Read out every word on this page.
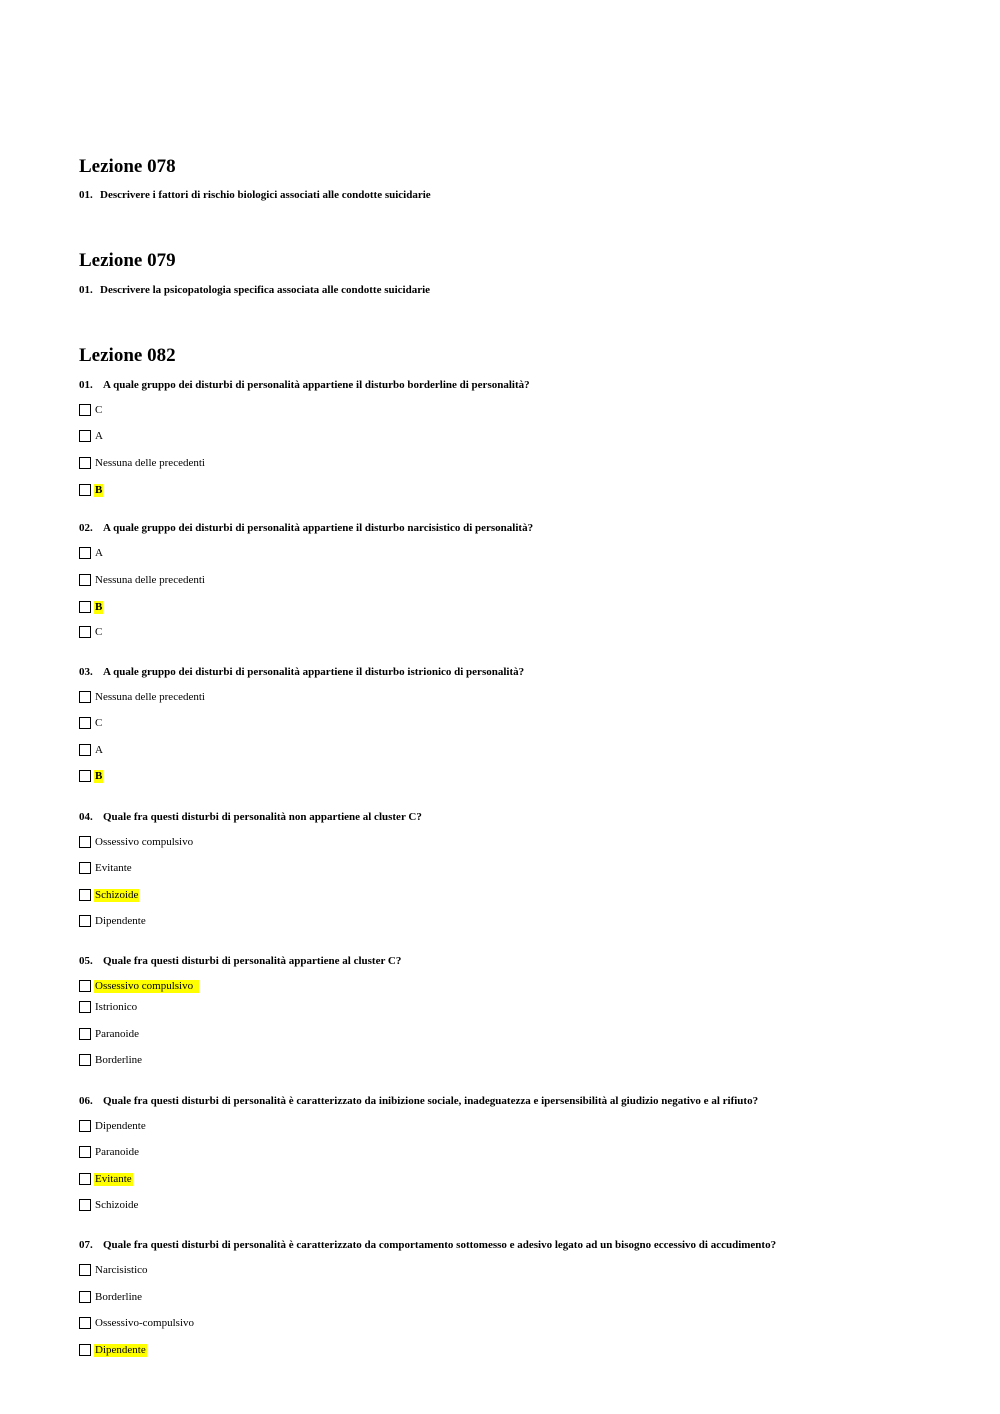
Lezione 078
01. Descrivere i fattori di rischio biologici associati alle condotte suicidarie
Lezione 079
01. Descrivere la psicopatologia specifica associata alle condotte suicidarie
Lezione 082
01. A quale gruppo dei disturbi di personalità appartiene il disturbo borderline di personalità?
C
A
Nessuna delle precedenti
B
02. A quale gruppo dei disturbi di personalità appartiene il disturbo narcisistico di personalità?
A
Nessuna delle precedenti
B
C
03. A quale gruppo dei disturbi di personalità appartiene il disturbo istrionico di personalità?
Nessuna delle precedenti
C
A
B
04. Quale fra questi disturbi di personalità non appartiene al cluster C?
Ossessivo compulsivo
Evitante
Schizoide
Dipendente
05. Quale fra questi disturbi di personalità appartiene al cluster C?
Ossessivo compulsivo
Istrionico
Paranoide
Borderline
06. Quale fra questi disturbi di personalità è caratterizzato da inibizione sociale, inadeguatezza e ipersensibilità al giudizio negativo e al rifiuto?
Dipendente
Paranoide
Evitante
Schizoide
07. Quale fra questi disturbi di personalità è caratterizzato da comportamento sottomesso e adesivo legato ad un bisogno eccessivo di accudimento?
Narcisistico
Borderline
Ossessivo-compulsivo
Dipendente
